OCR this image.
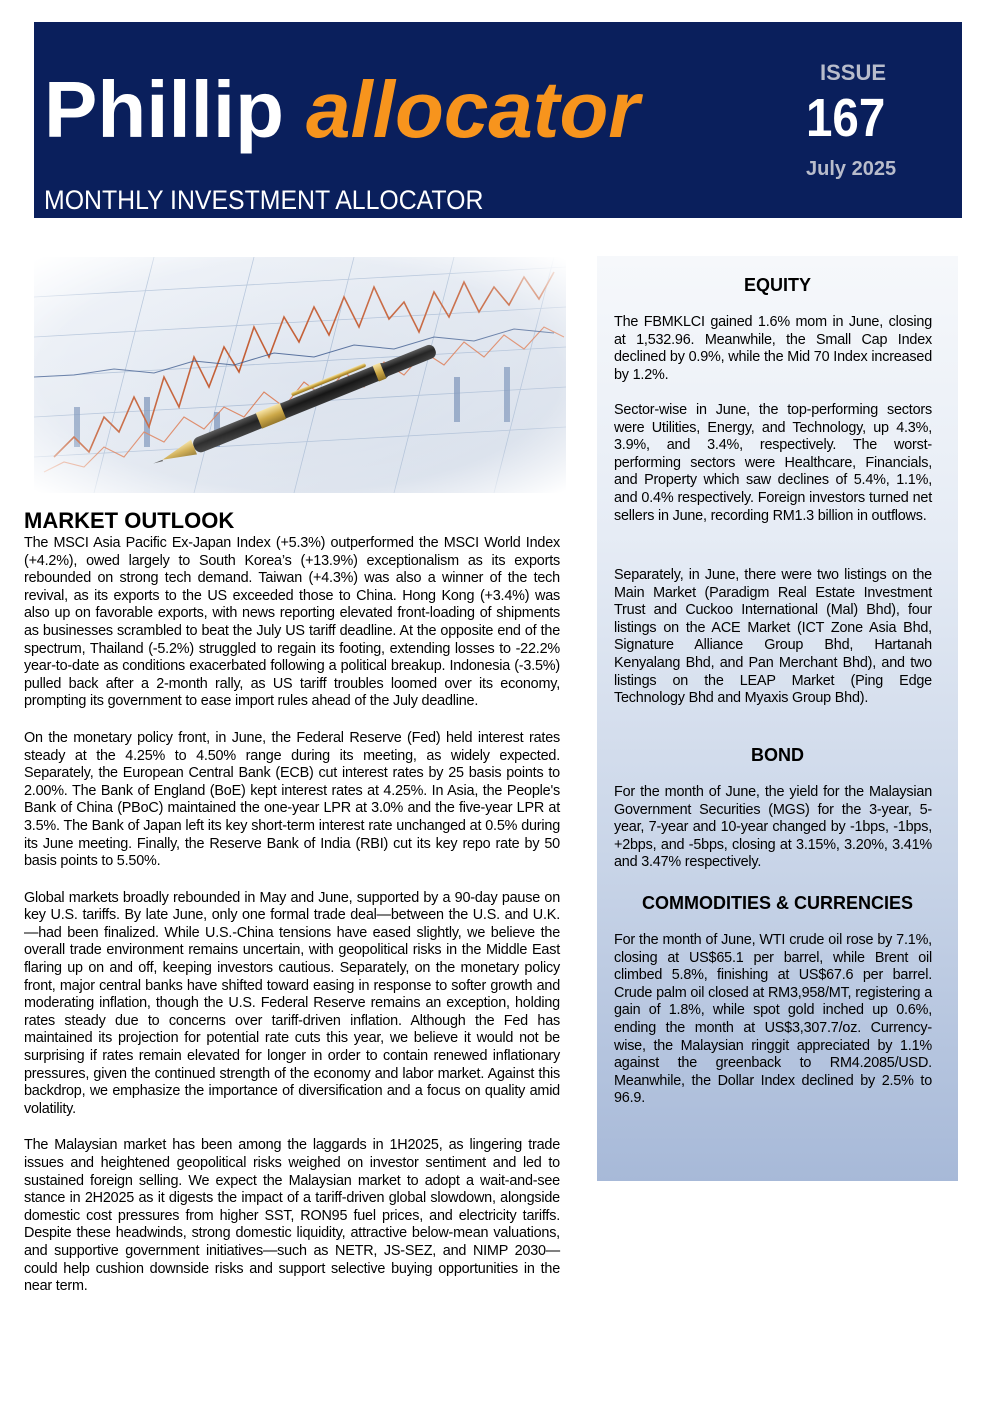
Phillip allocator
MONTHLY INVESTMENT ALLOCATOR
ISSUE
167
July 2025
MARKET OUTLOOK

The MSCI Asia Pacific Ex-Japan Index (+5.3%) outperformed the MSCI World Index (+4.2%), owed largely to South Korea’s (+13.9%) exceptionalism as its exports rebounded on strong tech demand. Taiwan (+4.3%) was also a winner of the tech revival, as its exports to the US exceeded those to China. Hong Kong (+3.4%) was also up on favorable exports, with news reporting elevated front-loading of shipments as businesses scrambled to beat the July US tariff deadline. At the opposite end of the spectrum, Thailand (-5.2%) struggled to regain its footing, extending losses to -22.2% year-to-date as conditions exacerbated following a political breakup. Indonesia (-3.5%) pulled back after a 2-month rally, as US tariff troubles loomed over its economy, prompting its government to ease import rules ahead of the July deadline.

On the monetary policy front, in June, the Federal Reserve (Fed) held interest rates steady at the 4.25% to 4.50% range during its meeting, as widely expected. Separately, the European Central Bank (ECB) cut interest rates by 25 basis points to 2.00%. The Bank of England (BoE) kept interest rates at 4.25%. In Asia, the People's Bank of China (PBoC) maintained the one-year LPR at 3.0% and the five-year LPR at 3.5%. The Bank of Japan left its key short-term interest rate unchanged at 0.5% during its June meeting. Finally, the Reserve Bank of India (RBI) cut its key repo rate by 50 basis points to 5.50%.

Global markets broadly rebounded in May and June, supported by a 90-day pause on key U.S. tariffs. By late June, only one formal trade deal—between the U.S. and U.K.—had been finalized. While U.S.-China tensions have eased slightly, we believe the overall trade environment remains uncertain, with geopolitical risks in the Middle East flaring up on and off, keeping investors cautious. Separately, on the monetary policy front, major central banks have shifted toward easing in response to softer growth and moderating inflation, though the U.S. Federal Reserve remains an exception, holding rates steady due to concerns over tariff-driven inflation. Although the Fed has maintained its projection for potential rate cuts this year, we believe it would not be surprising if rates remain elevated for longer in order to contain renewed inflationary pressures, given the continued strength of the economy and labor market. Against this backdrop, we emphasize the importance of diversification and a focus on quality amid volatility.

The Malaysian market has been among the laggards in 1H2025, as lingering trade issues and heightened geopolitical risks weighed on investor sentiment and led to sustained foreign selling. We expect the Malaysian market to adopt a wait-and-see stance in 2H2025 as it digests the impact of a tariff-driven global slowdown, alongside domestic cost pressures from higher SST, RON95 fuel prices, and electricity tariffs. Despite these headwinds, strong domestic liquidity, attractive below-mean valuations, and supportive government initiatives—such as NETR, JS-SEZ, and NIMP 2030—could help cushion downside risks and support selective buying opportunities in the near term.

EQUITY

The FBMKLCI gained 1.6% mom in June, closing at 1,532.96. Meanwhile, the Small Cap Index declined by 0.9%, while the Mid 70 Index increased by 1.2%.

Sector-wise in June, the top-performing sectors were Utilities, Energy, and Technology, up 4.3%, 3.9%, and 3.4%, respectively. The worst-performing sectors were Healthcare, Financials, and Property which saw declines of 5.4%, 1.1%, and 0.4% respectively. Foreign investors turned net sellers in June, recording RM1.3 billion in outflows.

Separately, in June, there were two listings on the Main Market (Paradigm Real Estate Investment Trust and Cuckoo International (Mal) Bhd), four listings on the ACE Market (ICT Zone Asia Bhd, Signature Alliance Group Bhd, Hartanah Kenyalang Bhd, and Pan Merchant Bhd), and two listings on the LEAP Market (Ping Edge Technology Bhd and Myaxis Group Bhd).

BOND

For the month of June, the yield for the Malaysian Government Securities (MGS) for the 3-year, 5-year, 7-year and 10-year changed by -1bps, -1bps, +2bps, and -5bps, closing at 3.15%, 3.20%, 3.41% and 3.47% respectively.

COMMODITIES & CURRENCIES

For the month of June, WTI crude oil rose by 7.1%, closing at US$65.1 per barrel, while Brent oil climbed 5.8%, finishing at US$67.6 per barrel. Crude palm oil closed at RM3,958/MT, registering a gain of 1.8%, while spot gold inched up 0.6%, ending the month at US$3,307.7/oz. Currency-wise, the Malaysian ringgit appreciated by 1.1% against the greenback to RM4.2085/USD. Meanwhile, the Dollar Index declined by 2.5% to 96.9.
